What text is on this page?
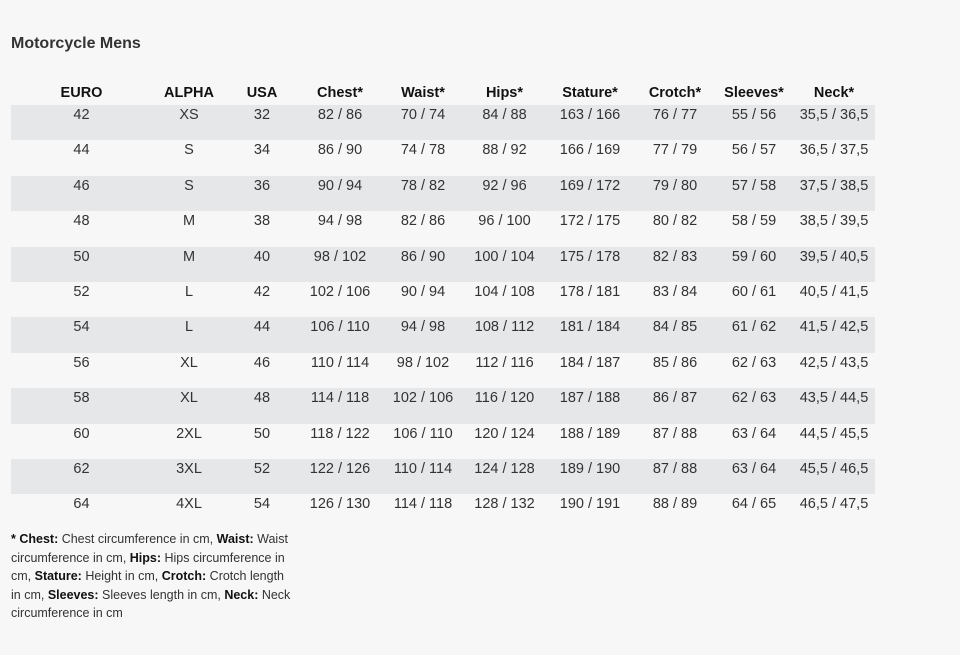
Motorcycle Mens
EURO	ALPHA	USA	Chest*	Waist*	Hips*	Stature*	Crotch*	Sleeves*	Neck*
42	XS	32	82 / 86	70 / 74	84 / 88	163 / 166	76 / 77	55 / 56	35,5 / 36,5
44	S	34	86 / 90	74 / 78	88 / 92	166 / 169	77 / 79	56 / 57	36,5 / 37,5
46	S	36	90 / 94	78 / 82	92 / 96	169 / 172	79 / 80	57 / 58	37,5 / 38,5
48	M	38	94 / 98	82 / 86	96 / 100	172 / 175	80 / 82	58 / 59	38,5 / 39,5
50	M	40	98 / 102	86 / 90	100 / 104	175 / 178	82 / 83	59 / 60	39,5 / 40,5
52	L	42	102 / 106	90 / 94	104 / 108	178 / 181	83 / 84	60 / 61	40,5 / 41,5
54	L	44	106 / 110	94 / 98	108 / 112	181 / 184	84 / 85	61 / 62	41,5 / 42,5
56	XL	46	110 / 114	98 / 102	112 / 116	184 / 187	85 / 86	62 / 63	42,5 / 43,5
58	XL	48	114 / 118	102 / 106	116 / 120	187 / 188	86 / 87	62 / 63	43,5 / 44,5
60	2XL	50	118 / 122	106 / 110	120 / 124	188 / 189	87 / 88	63 / 64	44,5 / 45,5
62	3XL	52	122 / 126	110 / 114	124 / 128	189 / 190	87 / 88	63 / 64	45,5 / 46,5
64	4XL	54	126 / 130	114 / 118	128 / 132	190 / 191	88 / 89	64 / 65	46,5 / 47,5

* Chest: Chest circumference in cm, Waist: Waist circumference in cm, Hips: Hips circumference in cm, Stature: Height in cm, Crotch: Crotch length in cm, Sleeves: Sleeves length in cm, Neck: Neck circumference in cm
